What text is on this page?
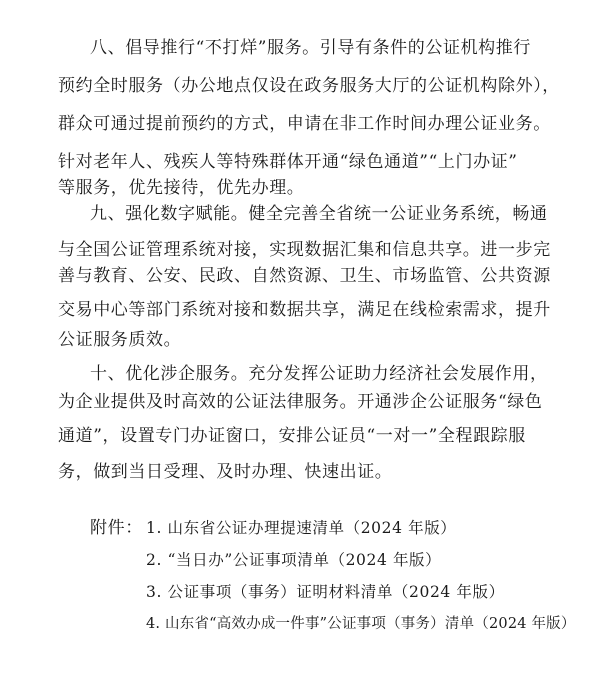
八、倡导推行“不打烊”服务。引导有条件的公证机构推行
预约全时服务（办公地点仅设在政务服务大厅的公证机构除外），
群众可通过提前预约的方式，申请在非工作时间办理公证业务。
针对老年人、残疾人等特殊群体开通“绿色通道”“上门办证”
等服务，优先接待，优先办理。
九、强化数字赋能。健全完善全省统一公证业务系统，畅通
与全国公证管理系统对接，实现数据汇集和信息共享。进一步完
善与教育、公安、民政、自然资源、卫生、市场监管、公共资源
交易中心等部门系统对接和数据共享，满足在线检索需求，提升
公证服务质效。
十、优化涉企服务。充分发挥公证助力经济社会发展作用，
为企业提供及时高效的公证法律服务。开通涉企公证服务“绿色
通道”，设置专门办证窗口，安排公证员“一对一”全程跟踪服
务，做到当日受理、及时办理、快速出证。
附件： 1. 山东省公证办理提速清单（2024 年版）
2. “当日办”公证事项清单（2024 年版）
3. 公证事项（事务）证明材料清单（2024 年版）
4. 山东省“高效办成一件事”公证事项（事务）清单（2024 年版）
